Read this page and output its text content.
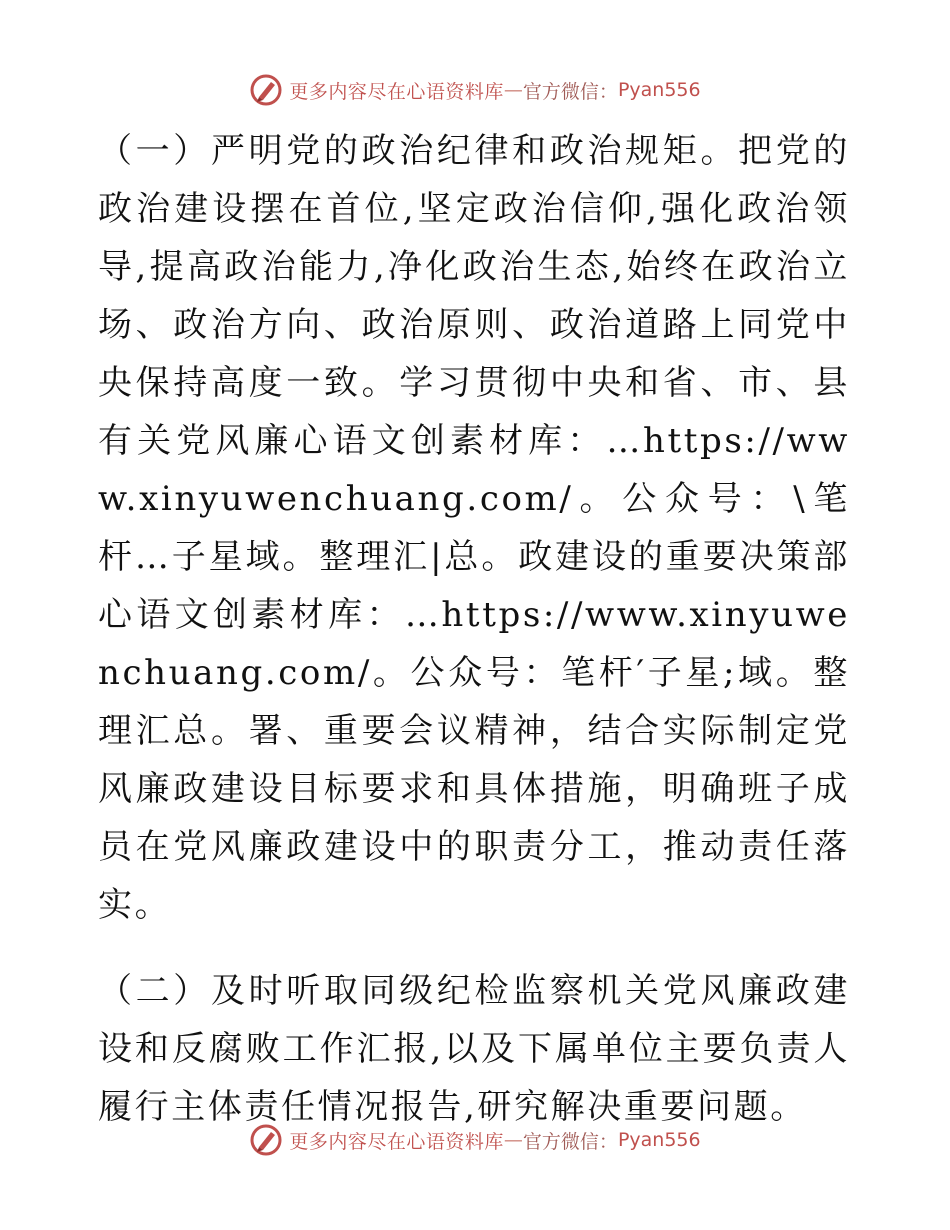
更多内容尽在心语资料库 — 官方微信： Pyan556

（一）严明党的政治纪律和政治规矩。把党的政治建设摆在首位,坚定政治信仰,强化政治领导,提高政治能力,净化政治生态,始终在政治立场、政治方向、政治原则、政治道路上同党中央保持高度一致。学习贯彻中央和省、市、县有关党风廉心语文创素材库：…https://www.xinyuwenchuang.com/。公众号：\笔杆…子星域。整理汇|总。政建设的重要决策部心语文创素材库：…https://www.xinyuwenchuang.com/。公众号：笔杆′子星;域。整理汇总。署、重要会议精神，结合实际制定党风廉政建设目标要求和具体措施，明确班子成员在党风廉政建设中的职责分工，推动责任落实。

（二）及时听取同级纪检监察机关党风廉政建设和反腐败工作汇报,以及下属单位主要负责人履行主体责任情况报告,研究解决重要问题。

更多内容尽在心语资料库 — 官方微信： Pyan556
